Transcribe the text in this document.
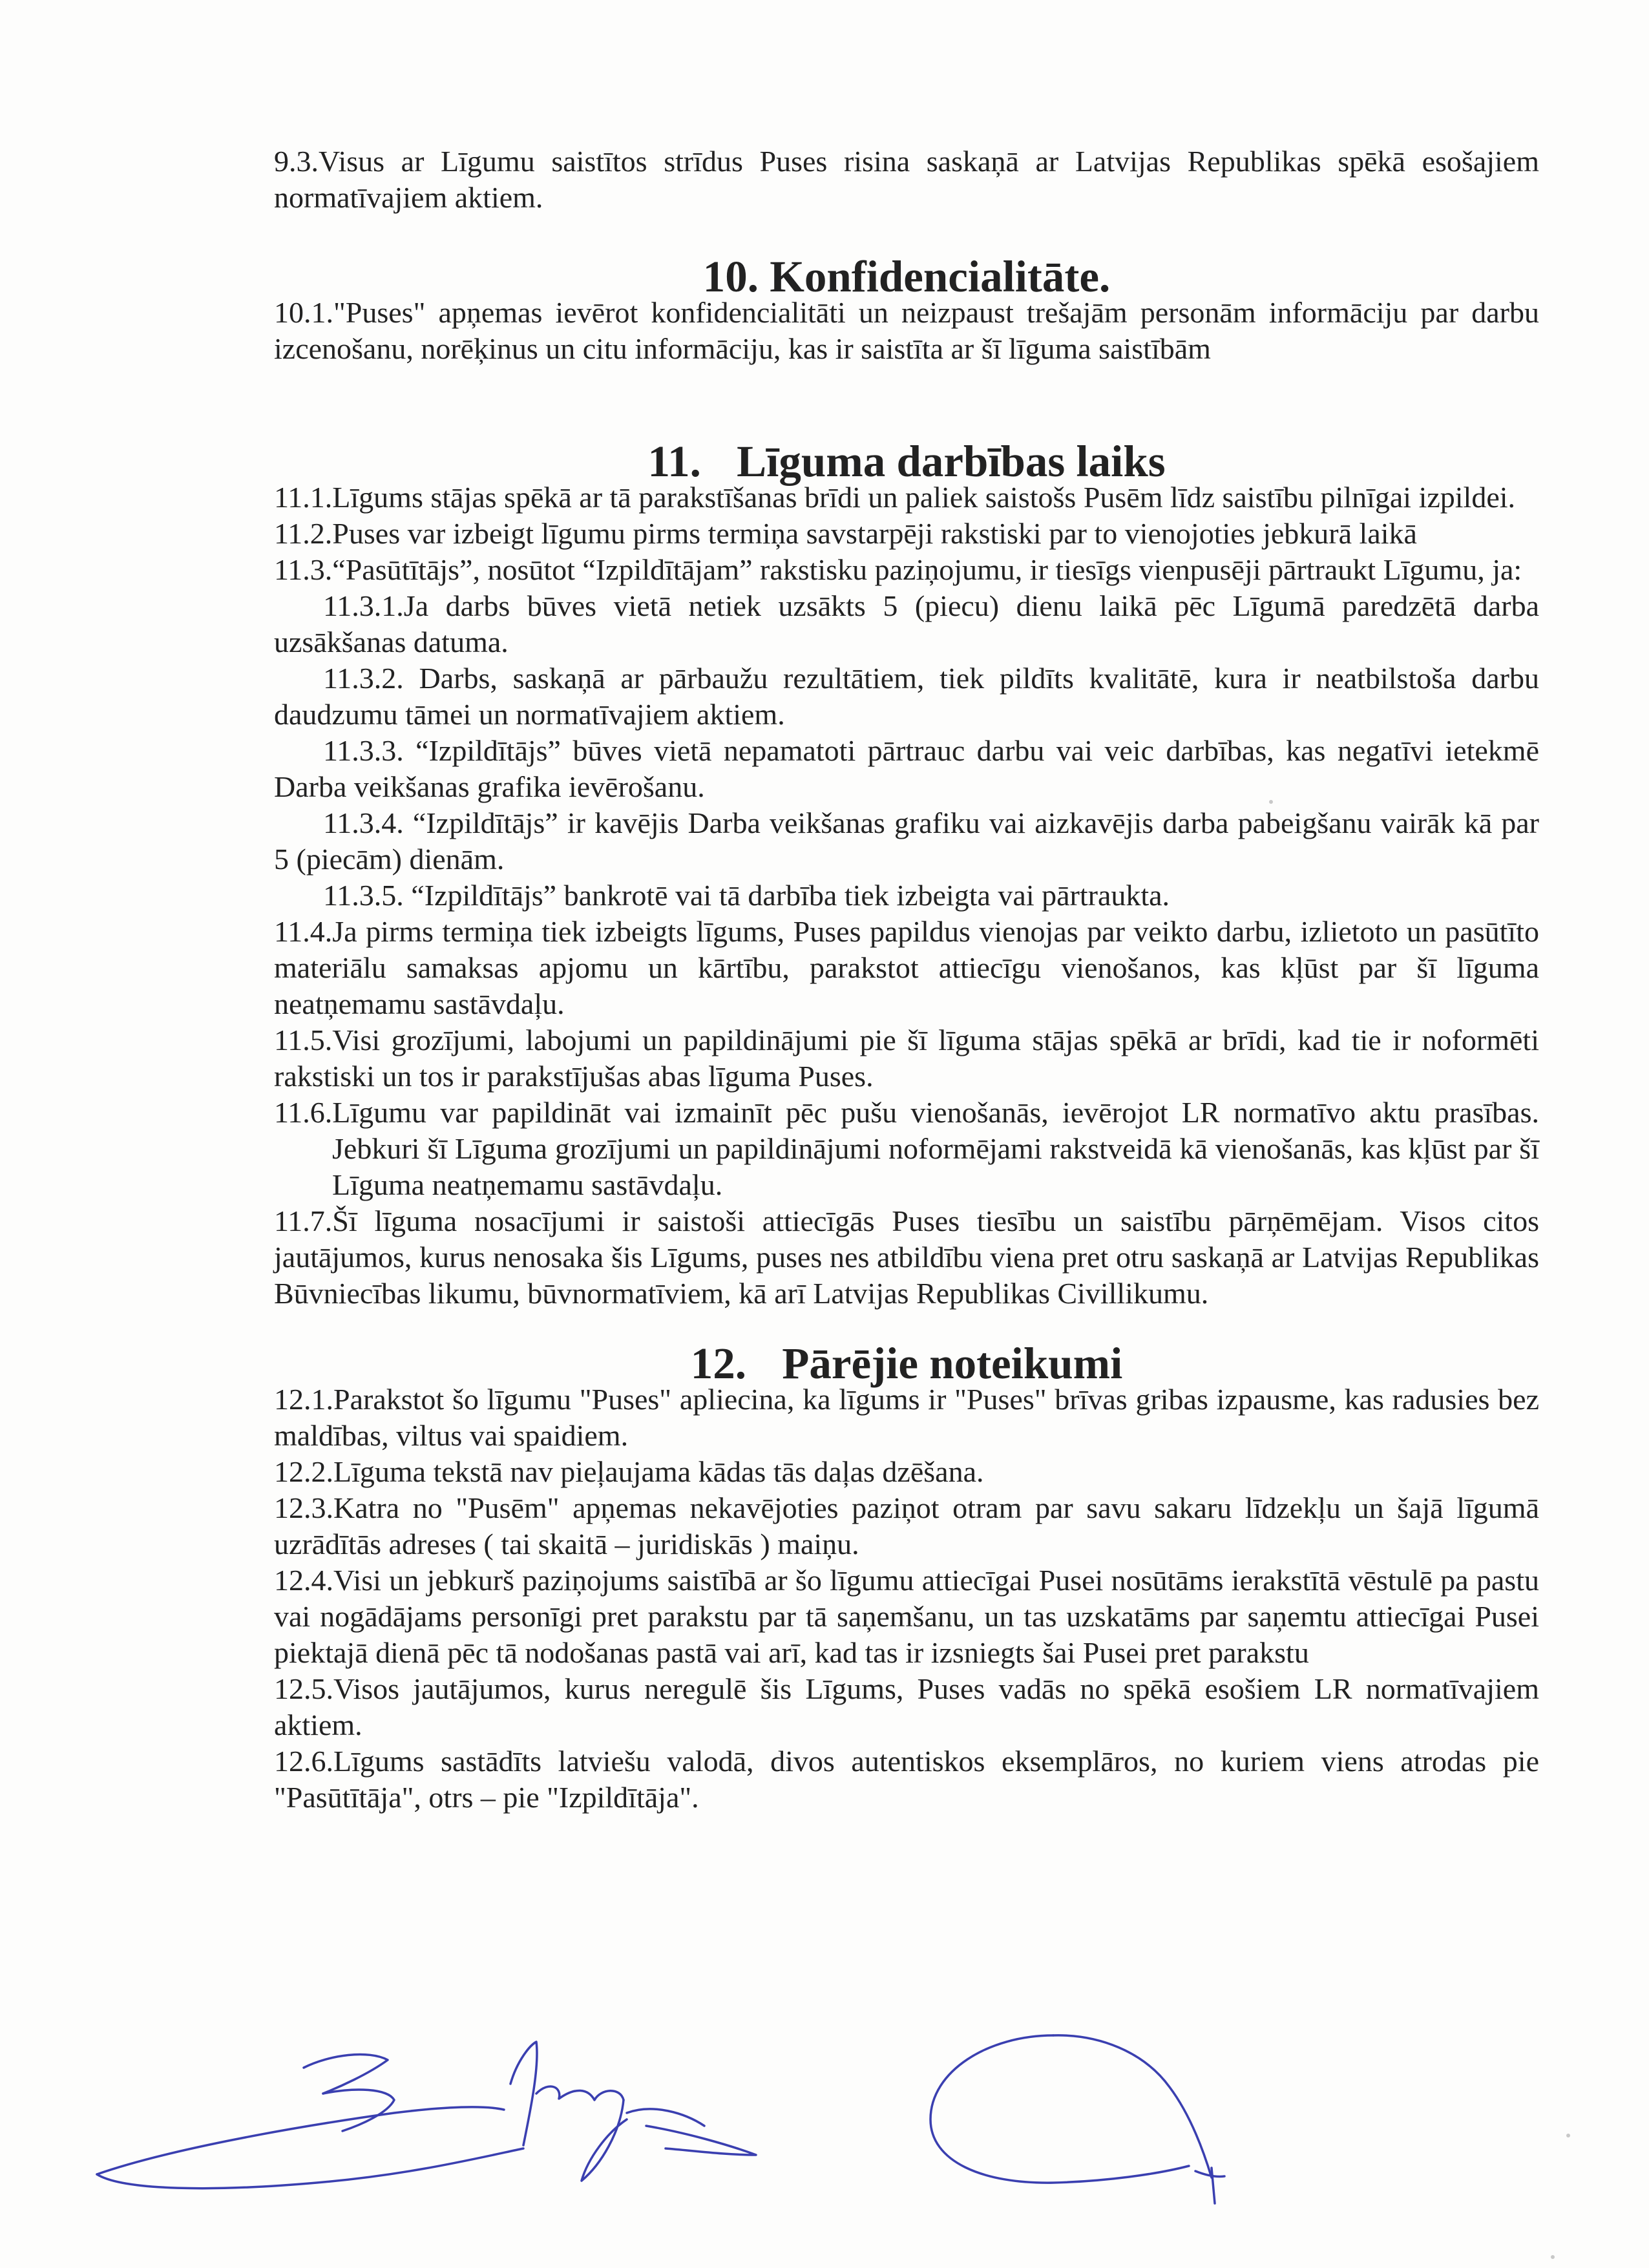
9.3.Visus ar Līgumu saistītos strīdus Puses risina saskaņā ar Latvijas Republikas spēkā esošajiem normatīvajiem aktiem.

10. Konfidencialitāte.

10.1."Puses" apņemas ievērot konfidencialitāti un neizpaust trešajām personām informāciju par darbu izcenošanu, norēķinus un citu informāciju, kas ir saistīta ar šī līguma saistībām

11. Līguma darbības laiks

11.1.Līgums stājas spēkā ar tā parakstīšanas brīdi un paliek saistošs Pusēm līdz saistību pilnīgai izpildei.

11.2.Puses var izbeigt līgumu pirms termiņa savstarpēji rakstiski par to vienojoties jebkurā laikā

11.3.“Pasūtītājs”, nosūtot “Izpildītājam” rakstisku paziņojumu, ir tiesīgs vienpusēji pārtraukt Līgumu, ja:

11.3.1.Ja darbs būves vietā netiek uzsākts 5 (piecu) dienu laikā pēc Līgumā paredzētā darba uzsākšanas datuma.

11.3.2. Darbs, saskaņā ar pārbaužu rezultātiem, tiek pildīts kvalitātē, kura ir neatbilstoša darbu daudzumu tāmei un normatīvajiem aktiem.

11.3.3. “Izpildītājs” būves vietā nepamatoti pārtrauc darbu vai veic darbības, kas negatīvi ietekmē Darba veikšanas grafika ievērošanu.

11.3.4. “Izpildītājs” ir kavējis Darba veikšanas grafiku vai aizkavējis darba pabeigšanu vairāk kā par 5 (piecām) dienām.

11.3.5. “Izpildītājs” bankrotē vai tā darbība tiek izbeigta vai pārtraukta.

11.4.Ja pirms termiņa tiek izbeigts līgums, Puses papildus vienojas par veikto darbu, izlietoto un pasūtīto materiālu samaksas apjomu un kārtību, parakstot attiecīgu vienošanos, kas kļūst par šī līguma neatņemamu sastāvdaļu.

11.5.Visi grozījumi, labojumi un papildinājumi pie šī līguma stājas spēkā ar brīdi, kad tie ir noformēti rakstiski un tos ir parakstījušas abas līguma Puses.

11.6.Līgumu var papildināt vai izmainīt pēc pušu vienošanās, ievērojot LR normatīvo aktu prasības. Jebkuri šī Līguma grozījumi un papildinājumi noformējami rakstveidā kā vienošanās, kas kļūst par šī Līguma neatņemamu sastāvdaļu.

11.7.Šī līguma nosacījumi ir saistoši attiecīgās Puses tiesību un saistību pārņēmējam. Visos citos jautājumos, kurus nenosaka šis Līgums, puses nes atbildību viena pret otru saskaņā ar Latvijas Republikas Būvniecības likumu, būvnormatīviem, kā arī Latvijas Republikas Civillikumu.

12. Pārējie noteikumi

12.1.Parakstot šo līgumu "Puses" apliecina, ka līgums ir "Puses" brīvas gribas izpausme, kas radusies bez maldības, viltus vai spaidiem.

12.2.Līguma tekstā nav pieļaujama kādas tās daļas dzēšana.

12.3.Katra no "Pusēm" apņemas nekavējoties paziņot otram par savu sakaru līdzekļu un šajā līgumā uzrādītās adreses ( tai skaitā – juridiskās ) maiņu.

12.4.Visi un jebkurš paziņojums saistībā ar šo līgumu attiecīgai Pusei nosūtāms ierakstītā vēstulē pa pastu vai nogādājams personīgi pret parakstu par tā saņemšanu, un tas uzskatāms par saņemtu attiecīgai Pusei piektajā dienā pēc tā nodošanas pastā vai arī, kad tas ir izsniegts šai Pusei pret parakstu

12.5.Visos jautājumos, kurus neregulē šis Līgums, Puses vadās no spēkā esošiem LR normatīvajiem aktiem.

12.6.Līgums sastādīts latviešu valodā, divos autentiskos eksemplāros, no kuriem viens atrodas pie "Pasūtītāja", otrs – pie "Izpildītāja".
